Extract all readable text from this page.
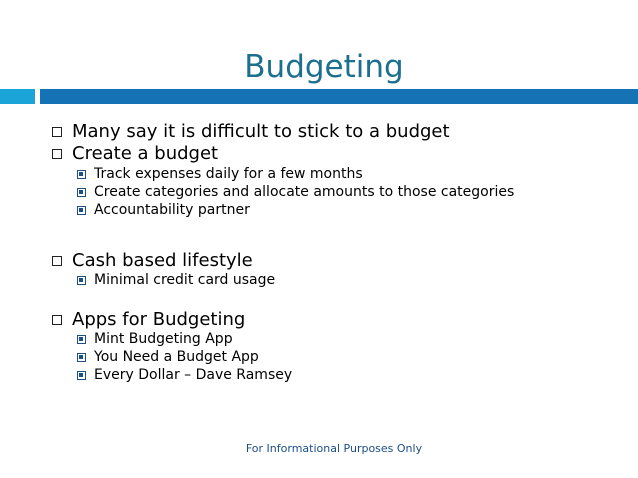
Budgeting
Many say it is difficult to stick to a budget
Create a budget
Track expenses daily for a few months
Create categories and allocate amounts to those categories
Accountability partner
Cash based lifestyle
Minimal credit card usage
Apps for Budgeting
Mint Budgeting App
You Need a Budget App
Every Dollar – Dave Ramsey
For Informational Purposes Only
